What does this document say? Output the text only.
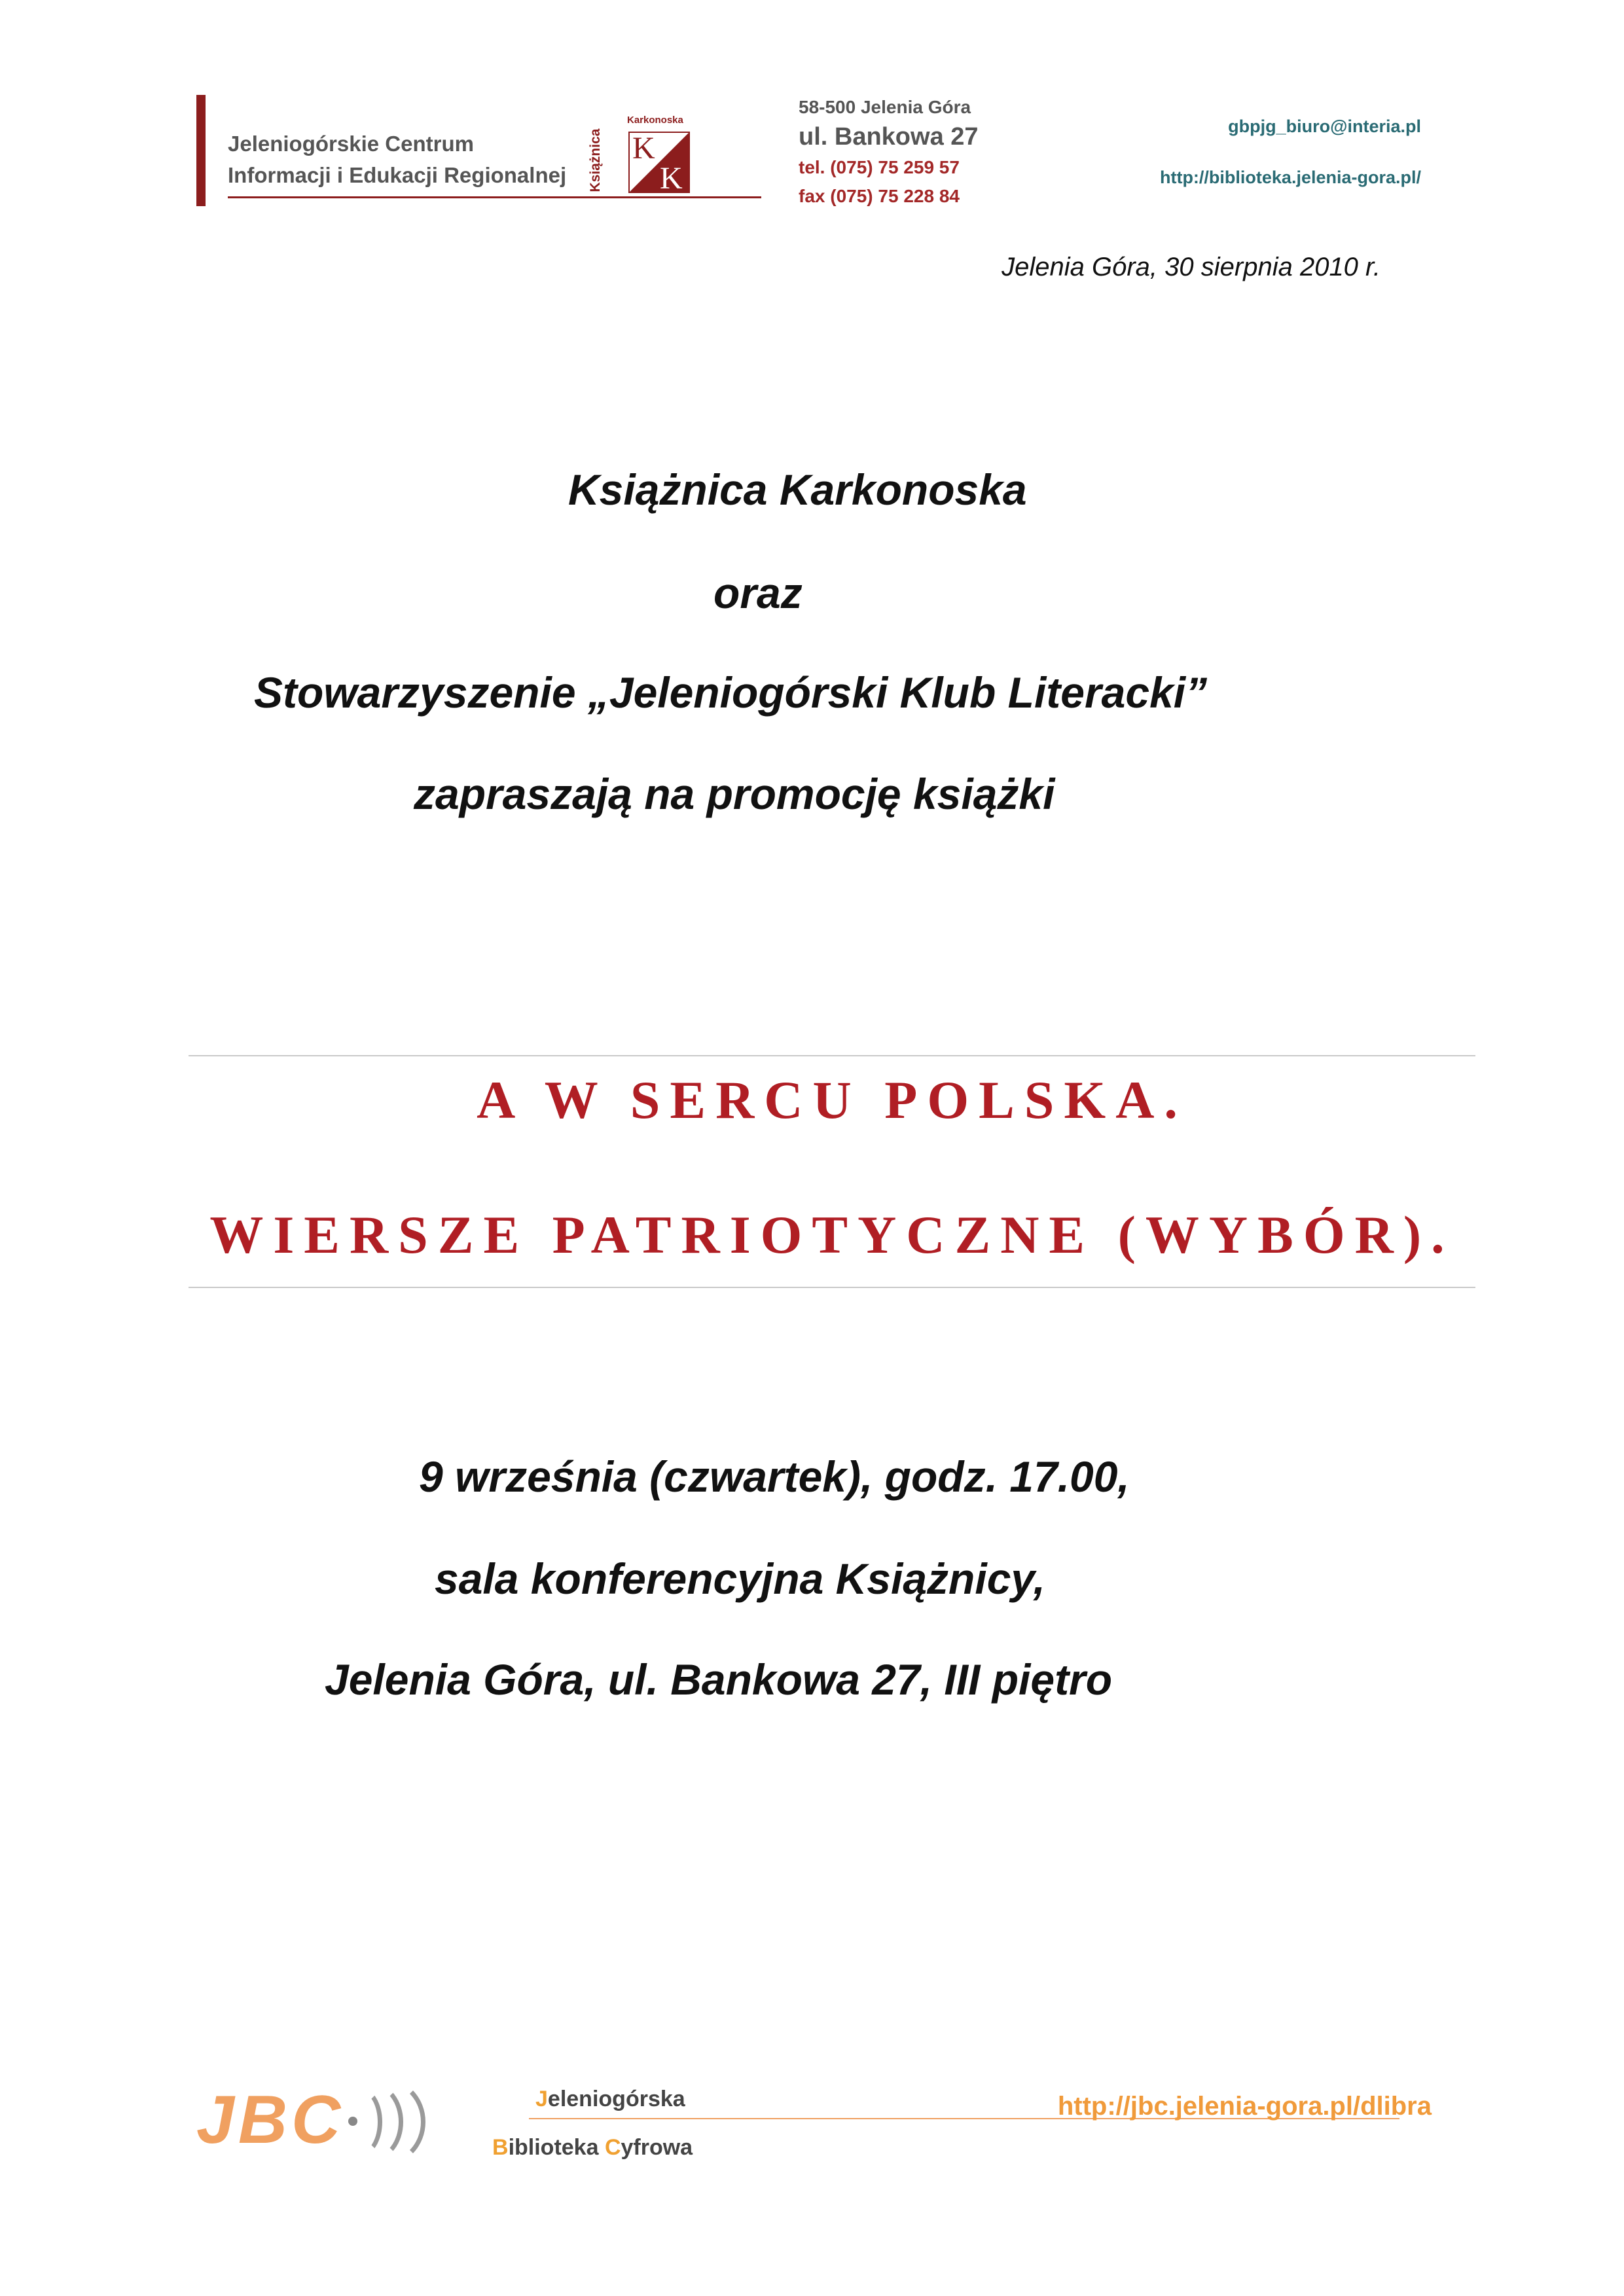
Jeleniogórskie Centrum
Informacji i Edukacji Regionalnej
Karkonoska
Książnica K
K
58-500 Jelenia Góra
ul. Bankowa 27
tel. (075) 75 259 57
fax (075) 75 228 84
gbpjg_biuro@interia.pl
http://biblioteka.jelenia-gora.pl/
Jelenia Góra, 30 sierpnia 2010 r.
Książnica Karkonoska
oraz
Stowarzyszenie „Jeleniogórski Klub Literacki”
zapraszają na promocję książki
A W SERCU POLSKA.
WIERSZE PATRIOTYCZNE (WYBÓR).
9 września (czwartek), godz. 17.00,
sala konferencyjna Książnicy,
Jelenia Góra, ul. Bankowa 27, III piętro
JBC	Jeleniogórska
Biblioteka Cyfrowa
http://jbc.jelenia-gora.pl/dlibra
